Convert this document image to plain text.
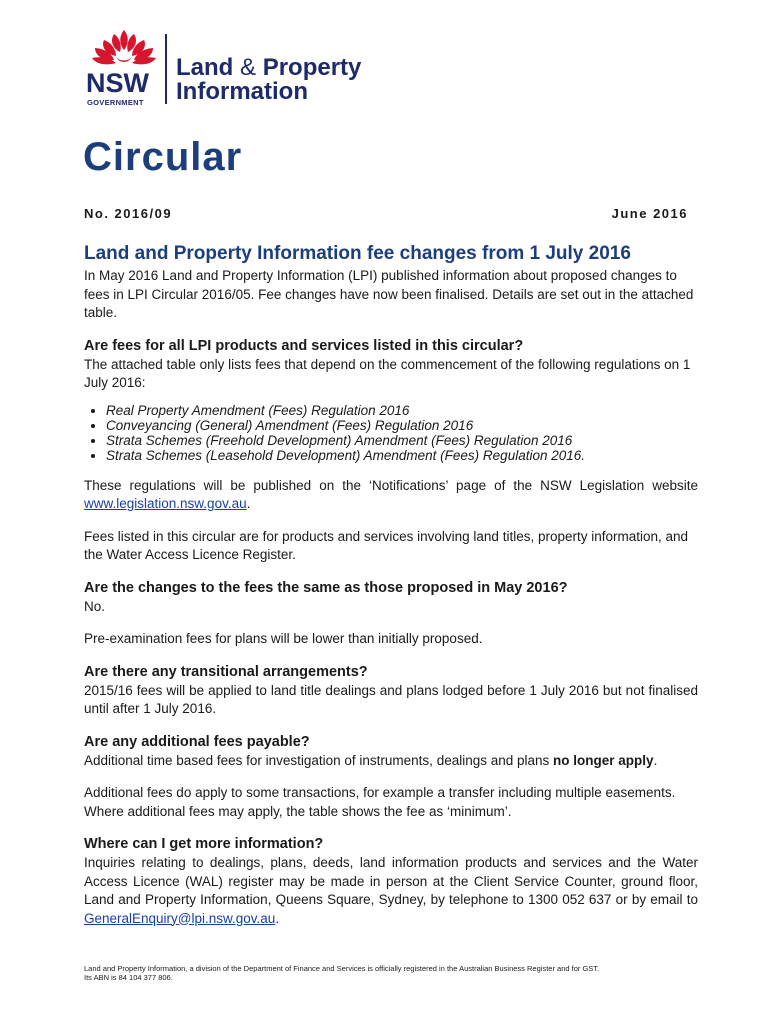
NSW
GOVERNMENT
Land & Property
Information
Circular
No. 2016/09	June 2016
Land and Property Information fee changes from 1 July 2016

In May 2016 Land and Property Information (LPI) published information about proposed changes to fees in LPI Circular 2016/05. Fee changes have now been finalised. Details are set out in the attached table.

Are fees for all LPI products and services listed in this circular?

The attached table only lists fees that depend on the commencement of the following regulations on 1 July 2016:

• Real Property Amendment (Fees) Regulation 2016
• Conveyancing (General) Amendment (Fees) Regulation 2016
• Strata Schemes (Freehold Development) Amendment (Fees) Regulation 2016
• Strata Schemes (Leasehold Development) Amendment (Fees) Regulation 2016.

These regulations will be published on the ‘Notifications’ page of the NSW Legislation website www.legislation.nsw.gov.au.

Fees listed in this circular are for products and services involving land titles, property information, and the Water Access Licence Register.

Are the changes to the fees the same as those proposed in May 2016?

No.

Pre-examination fees for plans will be lower than initially proposed.

Are there any transitional arrangements?

2015/16 fees will be applied to land title dealings and plans lodged before 1 July 2016 but not finalised until after 1 July 2016.

Are any additional fees payable?

Additional time based fees for investigation of instruments, dealings and plans no longer apply.

Additional fees do apply to some transactions, for example a transfer including multiple easements. Where additional fees may apply, the table shows the fee as ‘minimum’.

Where can I get more information?

Inquiries relating to dealings, plans, deeds, land information products and services and the Water Access Licence (WAL) register may be made in person at the Client Service Counter, ground floor, Land and Property Information, Queens Square, Sydney, by telephone to 1300 052 637 or by email to GeneralEnquiry@lpi.nsw.gov.au.

Land and Property Information, a division of the Department of Finance and Services is officially registered in the Australian Business Register and for GST.
Its ABN is 84 104 377 806.
